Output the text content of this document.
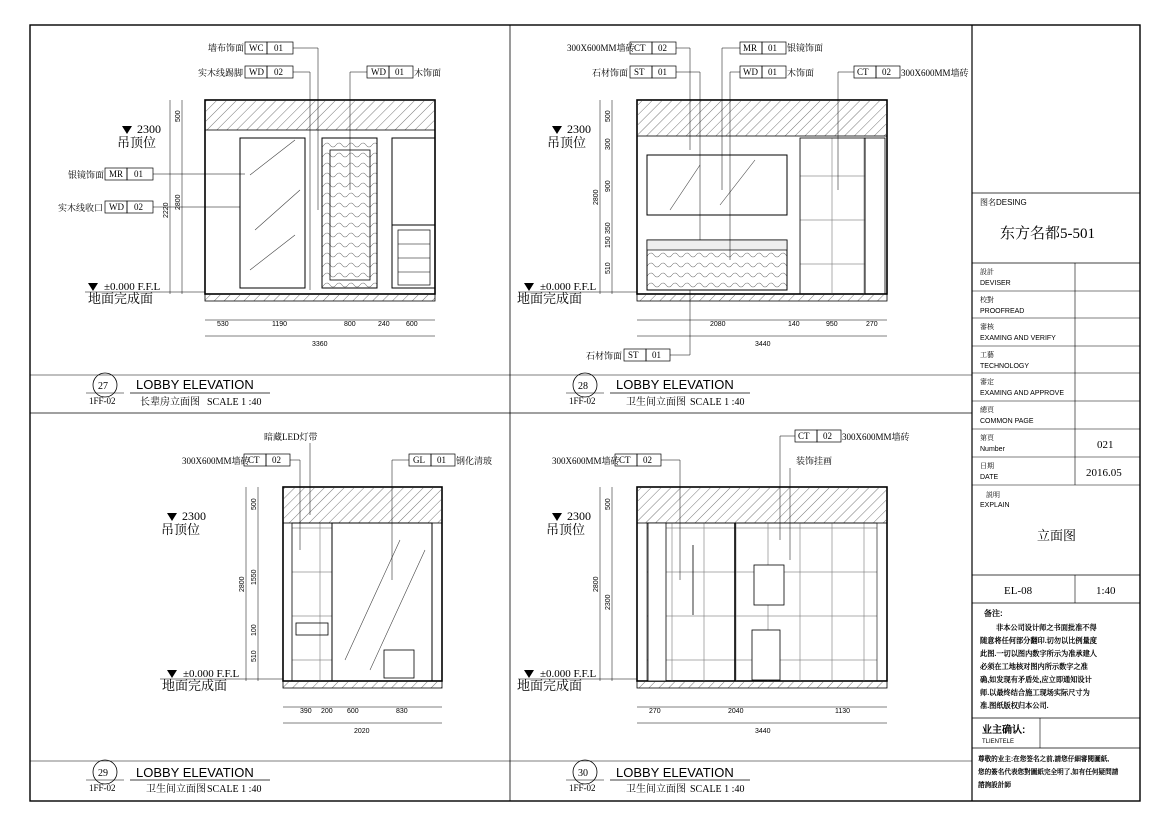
2300
吊顶位
±0.000 F.F.L
地面完成面
500
2800
2220
530	1190	800	240 600
3360
墙布饰面 WC 01
实木线踢脚 WD 02	WD 01 木饰面
银镜饰面 MR 01
实木线收口 WD 02
27
1FF-02
LOBBY ELEVATION
长辈房立面图 SCALE 1 :40
2300
吊顶位
±0.000 F.F.L
地面完成面
500
300
900
2800
350
150
510
2080	140	950	270
3440
300X600MM墙砖 CT 02	MR 01 银镜饰面
石材饰面 ST 01	WD 01 木饰面	CT 02 300X600MM墙砖
石材饰面 ST 01
28
1FF-02
LOBBY ELEVATION
卫生间立面图 SCALE 1 :40
2300
吊顶位
±0.000 F.F.L
地面完成面
500
1550
2800
100
510
390 200 600	830
2020
暗藏LED灯带
300X600MM墙砖
CT 02	GL 01 钢化清玻
29
1FF-02
LOBBY ELEVATION
卫生间立面图 SCALE 1 :40
2300
吊顶位
±0.000 F.F.L
地面完成面
500
2300
2800
270	2040	1130
3440
CT 02 300X600MM墙砖
300X600MM墙砖 CT 02	装饰挂画
30
1FF-02
LOBBY ELEVATION
卫生间立面图 SCALE 1 :40
图名DESING
东方名都5-501
設計
DEVISER
校對
PROOFREAD
審核
EXAMING AND VERIFY
工藝
TECHNOLOGY
審定
EXAMING AND APPROVE
總頁
COMMON PAGE
第頁
Number	021
日期
DATE	2016.05
説明
EXPLAIN
立面图
EL-08	1:40
备注:
非本公司设计师之书面批准不得
随意将任何部分翻印.切勿以比例量度
此图.一切以图内数字所示为准承建人
必须在工地核对图内所示数字之准
确,如发现有矛盾处,应立即通知设计
师.以最终结合施工现场实际尺寸为
准.图纸版权归本公司.
业主确认:
TLIENTELE
尊敬的业主:在您签名之前,請您仔細審閱圖紙,
您的簽名代表您對圖紙完全明了,如有任何疑問請
諮詢設計師
